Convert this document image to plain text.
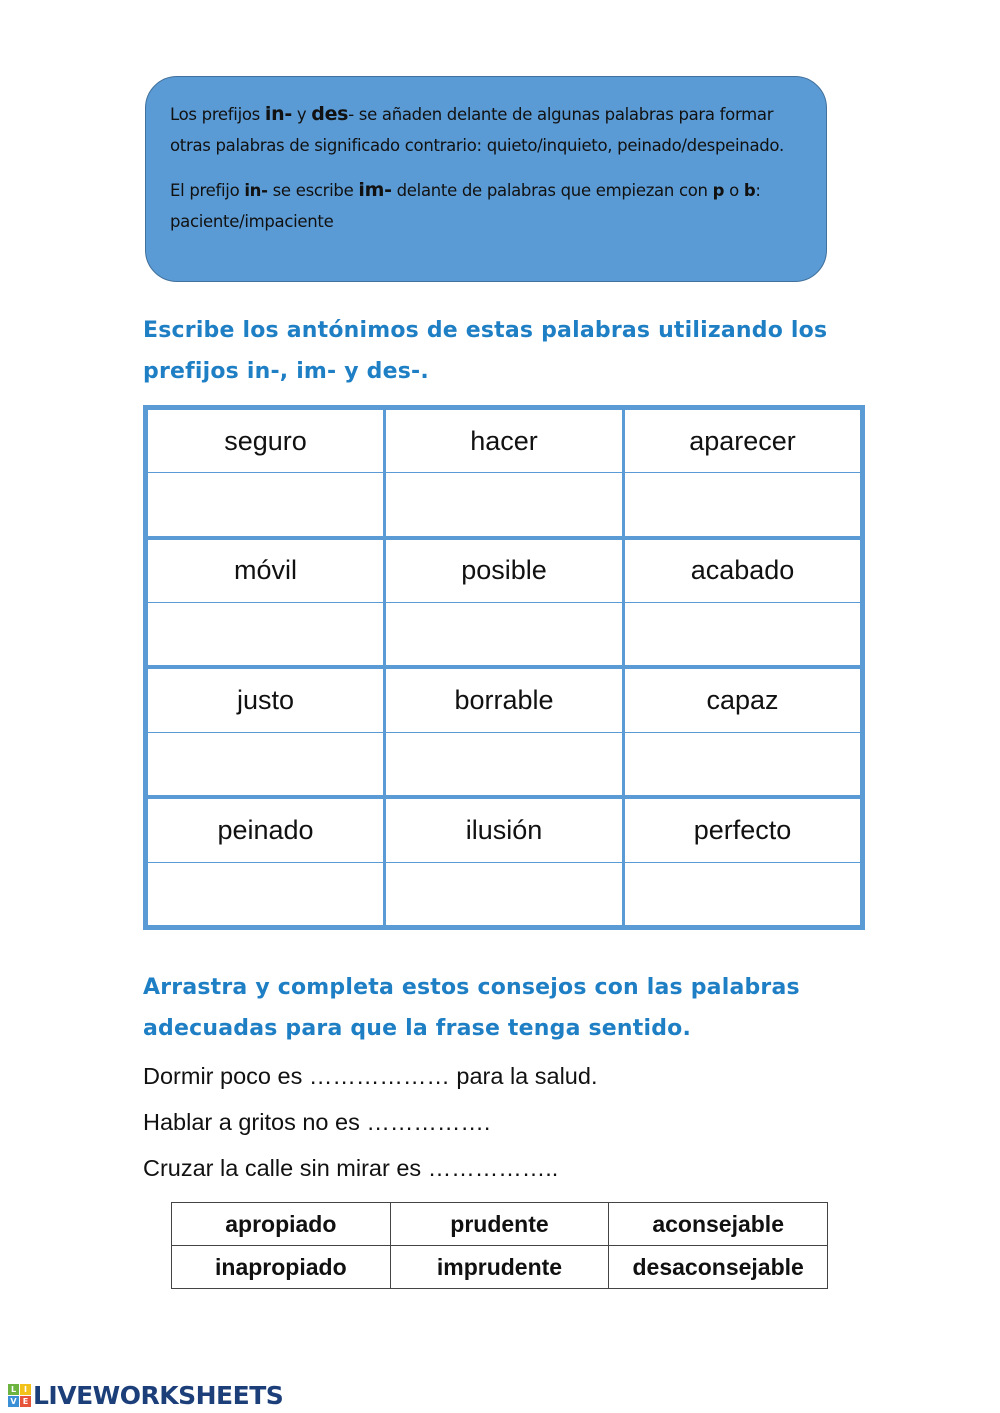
Los prefijos in- y des- se añaden delante de algunas palabras para formar otras palabras de significado contrario: quieto/inquieto, peinado/despeinado.

El prefijo in- se escribe im- delante de palabras que empiezan con p o b: paciente/impaciente

Escribe los antónimos de estas palabras utilizando los prefijos in-, im- y des-.
seguro	hacer	aparecer

móvil	posible	acabado

justo	borrable	capaz

peinado	ilusión	perfecto

Arrastra y completa estos consejos con las palabras adecuadas para que la frase tenga sentido.
Dormir poco es ……………… para la salud.
Hablar a gritos no es …………….
Cruzar la calle sin mirar es ……………..
apropiado	prudente	aconsejable
inapropiado	imprudente	desaconsejable
L I
V E LIVEWORKSHEETS
